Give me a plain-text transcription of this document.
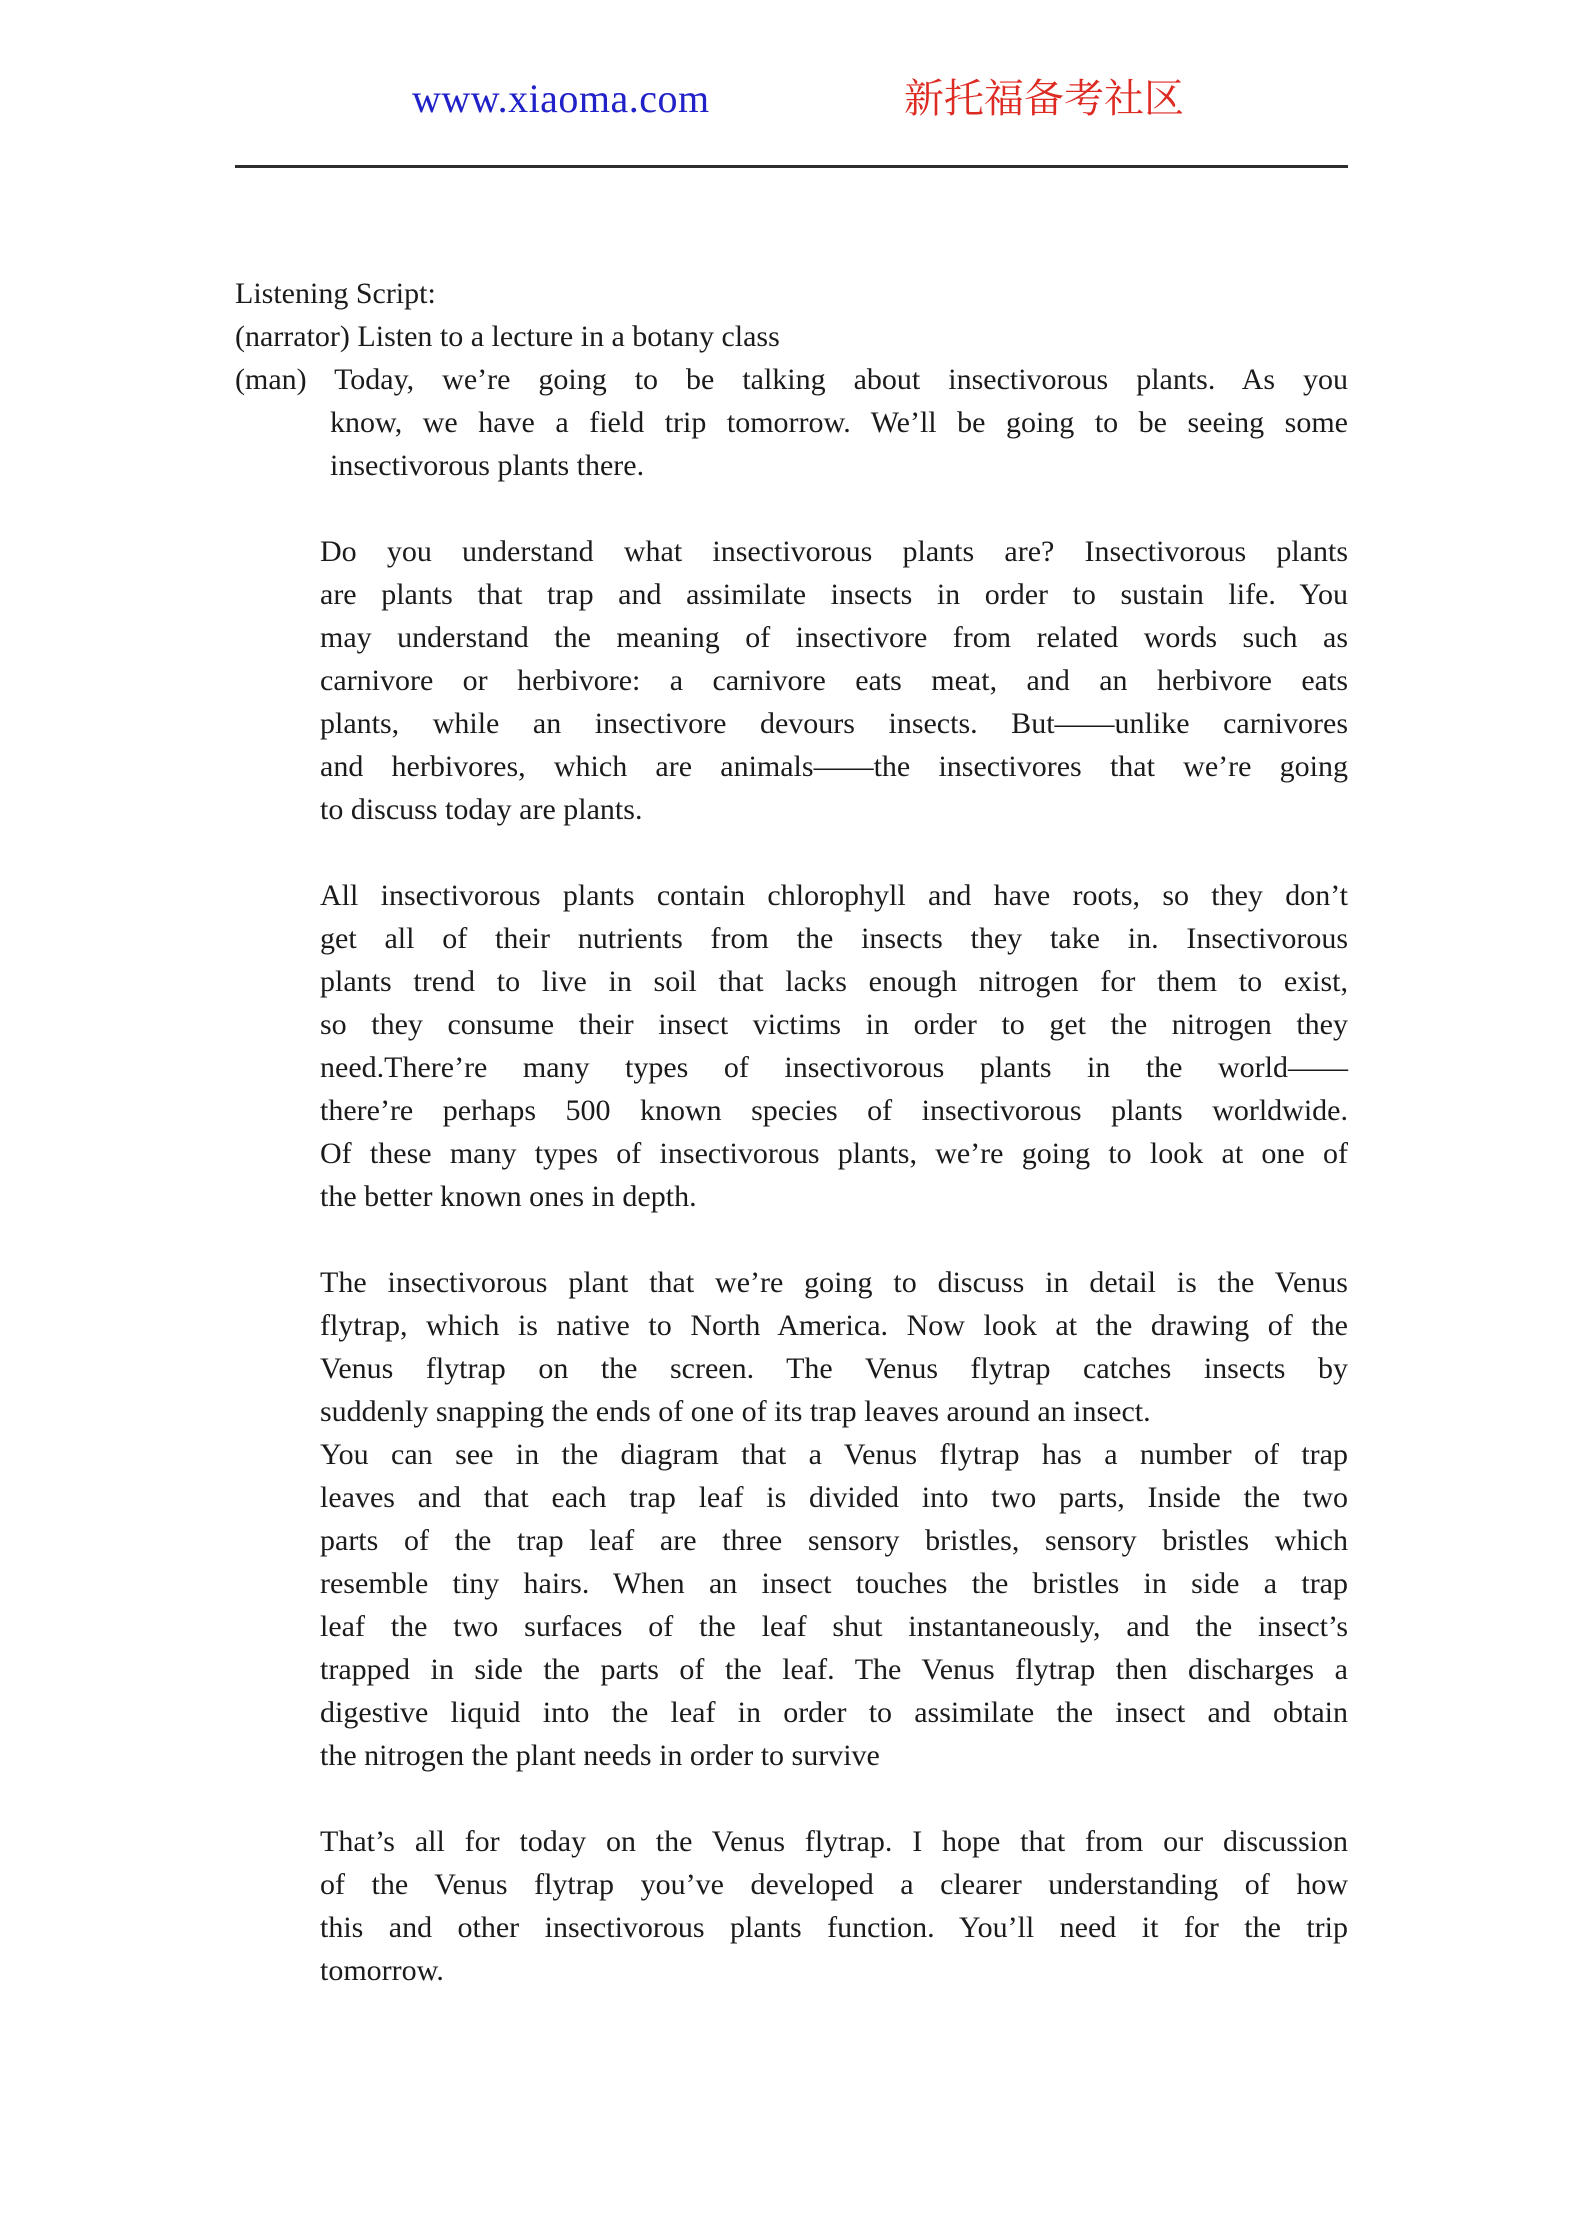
www.xiaoma.com	新托福备考社区
Listening Script:
(narrator) Listen to a lecture in a botany class
(man) Today, we’re going to be talking about insectivorous plants. As you
know, we have a field trip tomorrow. We’ll be going to be seeing some
insectivorous plants there.
Do you understand what insectivorous plants are? Insectivorous plants
are plants that trap and assimilate insects in order to sustain life. You
may understand the meaning of insectivore from related words such as
carnivore or herbivore: a carnivore eats meat, and an herbivore eats
plants, while an insectivore devours insects. But——unlike carnivores
and herbivores, which are animals——the insectivores that we’re going
to discuss today are plants.
All insectivorous plants contain chlorophyll and have roots, so they don’t
get all of their nutrients from the insects they take in. Insectivorous
plants trend to live in soil that lacks enough nitrogen for them to exist,
so they consume their insect victims in order to get the nitrogen they
need.There’re many types of insectivorous plants in the world——
there’re perhaps 500 known species of insectivorous plants worldwide.
Of these many types of insectivorous plants, we’re going to look at one of
the better known ones in depth.
The insectivorous plant that we’re going to discuss in detail is the Venus
flytrap, which is native to North America. Now look at the drawing of the
Venus flytrap on the screen. The Venus flytrap catches insects by
suddenly snapping the ends of one of its trap leaves around an insect.
You can see in the diagram that a Venus flytrap has a number of trap
leaves and that each trap leaf is divided into two parts, Inside the two
parts of the trap leaf are three sensory bristles, sensory bristles which
resemble tiny hairs. When an insect touches the bristles in side a trap
leaf the two surfaces of the leaf shut instantaneously, and the insect’s
trapped in side the parts of the leaf. The Venus flytrap then discharges a
digestive liquid into the leaf in order to assimilate the insect and obtain
the nitrogen the plant needs in order to survive
That’s all for today on the Venus flytrap. I hope that from our discussion
of the Venus flytrap you’ve developed a clearer understanding of how
this and other insectivorous plants function. You’ll need it for the trip
tomorrow.
